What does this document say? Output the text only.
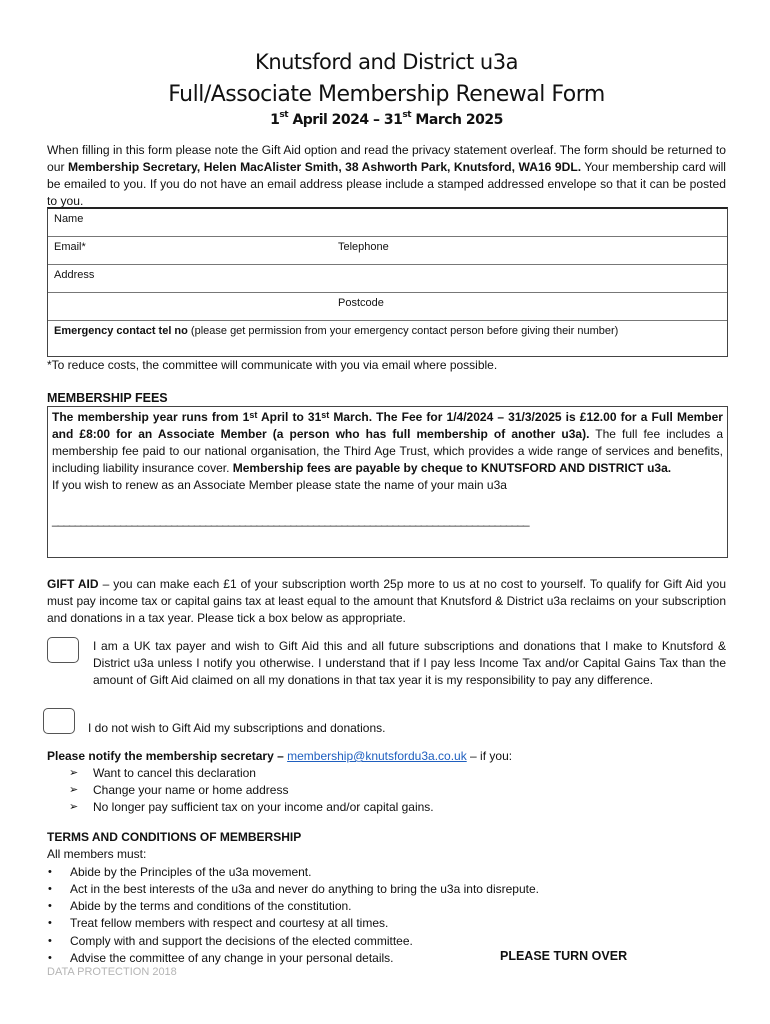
Knutsford and District u3a
Full/Associate Membership Renewal Form
1st April 2024 – 31st March 2025
When filling in this form please note the Gift Aid option and read the privacy statement overleaf. The form should be returned to our Membership Secretary, Helen MacAlister Smith, 38 Ashworth Park, Knutsford, WA16 9DL. Your membership card will be emailed to you. If you do not have an email address please include a stamped addressed envelope so that it can be posted to you.
Name
Email*	Telephone
Address
Postcode
Emergency contact tel no (please get permission from your emergency contact person before giving their number)
*To reduce costs, the committee will communicate with you via email where possible.
MEMBERSHIP FEES

The membership year runs from 1st April to 31st March. The Fee for 1/4/2024 – 31/3/2025 is £12.00 for a Full Member and £8:00 for an Associate Member (a person who has full membership of another u3a). The full fee includes a membership fee paid to our national organisation, the Third Age Trust, which provides a wide range of services and benefits, including liability insurance cover. Membership fees are payable by cheque to KNUTSFORD AND DISTRICT u3a.

If you wish to renew as an Associate Member please state the name of your main u3a

____________________________________________________________________________________

GIFT AID – you can make each £1 of your subscription worth 25p more to us at no cost to yourself. To qualify for Gift Aid you must pay income tax or capital gains tax at least equal to the amount that Knutsford & District u3a reclaims on your subscription and donations in a tax year. Please tick a box below as appropriate.
I am a UK tax payer and wish to Gift Aid this and all future subscriptions and donations that I make to Knutsford & District u3a unless I notify you otherwise. I understand that if I pay less Income Tax and/or Capital Gains Tax than the amount of Gift Aid claimed on all my donations in that tax year it is my responsibility to pay any difference.
I do not wish to Gift Aid my subscriptions and donations.
Please notify the membership secretary – membership@knutsfordu3a.co.uk – if you:
➢ Want to cancel this declaration
➢ Change your name or home address
➢ No longer pay sufficient tax on your income and/or capital gains.
TERMS AND CONDITIONS OF MEMBERSHIP
All members must:
• Abide by the Principles of the u3a movement.
• Act in the best interests of the u3a and never do anything to bring the u3a into disrepute.
• Abide by the terms and conditions of the constitution.
• Treat fellow members with respect and courtesy at all times.
• Comply with and support the decisions of the elected committee.
• Advise the committee of any change in your personal details.	PLEASE TURN OVER
DATA PROTECTION 2018
